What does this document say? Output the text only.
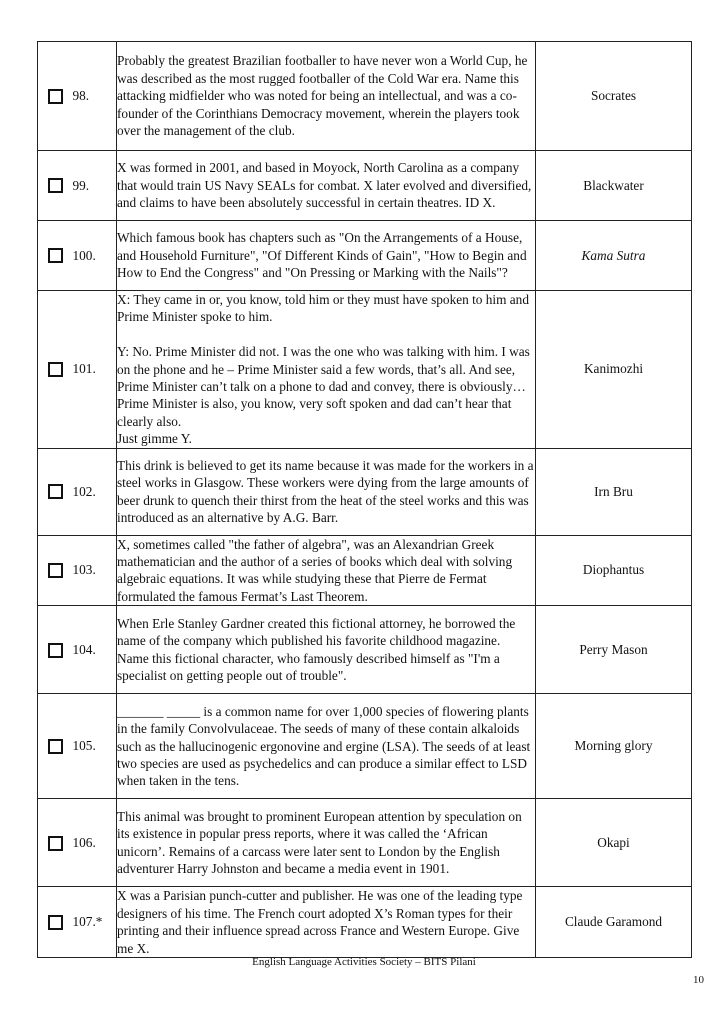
	98.	Probably the greatest Brazilian footballer to have never won a World Cup, he was described as the most rugged footballer of the Cold War era. Name this attacking midfielder who was noted for being an intellectual, and was a co-founder of the Corinthians Democracy movement, wherein the players took over the management of the club.	Socrates
	99.	X was formed in 2001, and based in Moyock, North Carolina as a company that would train US Navy SEALs for combat. X later evolved and diversified, and claims to have been absolutely successful in certain theatres. ID X.	Blackwater
	100.	Which famous book has chapters such as "On the Arrangements of a House, and Household Furniture", "Of Different Kinds of Gain", "How to Begin and How to End the Congress" and "On Pressing or Marking with the Nails"?	Kama Sutra
	101.	X: They came in or, you know, told him or they must have spoken to him and Prime Minister spoke to him.

Y: No. Prime Minister did not. I was the one who was talking with him. I was on the phone and he – Prime Minister said a few words, that’s all. And see, Prime Minister can’t talk on a phone to dad and convey, there is obviously… Prime Minister is also, you know, very soft spoken and dad can’t hear that clearly also.
Just gimme Y.	Kanimozhi
	102.	This drink is believed to get its name because it was made for the workers in a steel works in Glasgow. These workers were dying from the large amounts of beer drunk to quench their thirst from the heat of the steel works and this was introduced as an alternative by A.G. Barr.	Irn Bru
	103.	X, sometimes called "the father of algebra", was an Alexandrian Greek mathematician and the author of a series of books which deal with solving algebraic equations. It was while studying these that Pierre de Fermat formulated the famous Fermat’s Last Theorem.	Diophantus
	104.	When Erle Stanley Gardner created this fictional attorney, he borrowed the name of the company which published his favorite childhood magazine. Name this fictional character, who famously described himself as "I'm a specialist on getting people out of trouble".	Perry Mason
	105.	_______ _____ is a common name for over 1,000 species of flowering plants in the family Convolvulaceae. The seeds of many of these contain alkaloids such as the hallucinogenic ergonovine and ergine (LSA). The seeds of at least two species are used as psychedelics and can produce a similar effect to LSD when taken in the tens.	Morning glory
	106.	This animal was brought to prominent European attention by speculation on its existence in popular press reports, where it was called the ‘African unicorn’. Remains of a carcass were later sent to London by the English adventurer Harry Johnston and became a media event in 1901.	Okapi
	107.*	X was a Parisian punch-cutter and publisher. He was one of the leading type designers of his time. The French court adopted X’s Roman types for their printing and their influence spread across France and Western Europe. Give me X.	Claude Garamond
English Language Activities Society – BITS Pilani
10
